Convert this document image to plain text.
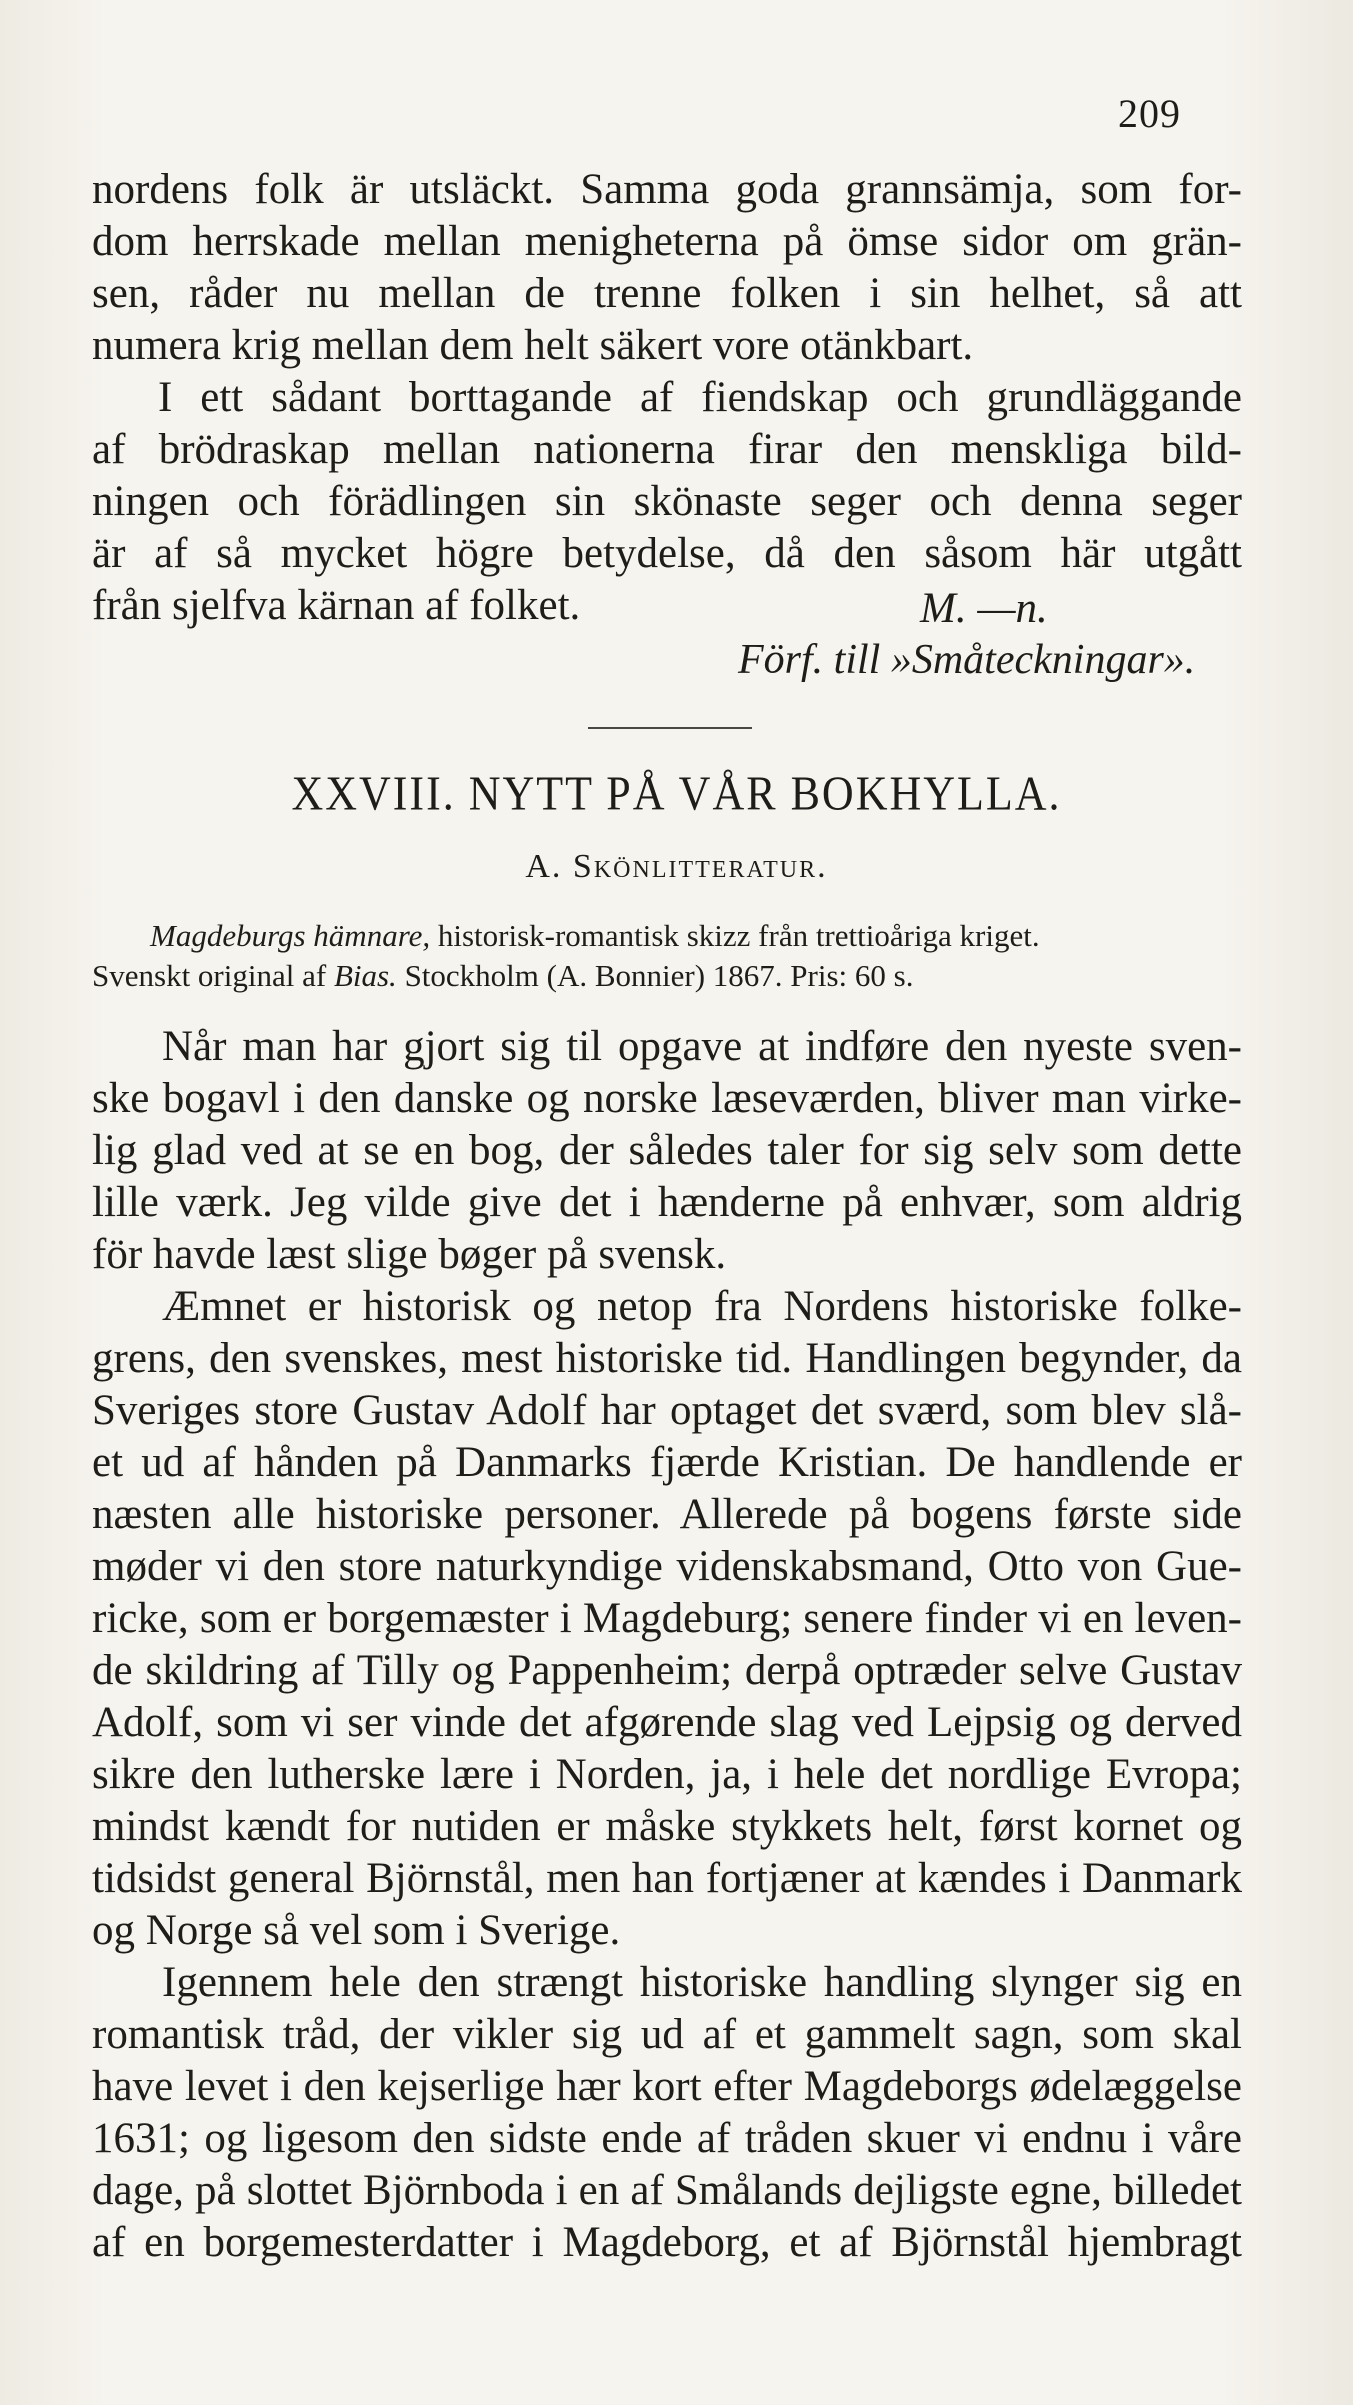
209
nordens folk är utsläckt. Samma goda grannsämja, som for-
dom herrskade mellan menigheterna på ömse sidor om grän-
sen, råder nu mellan de trenne folken i sin helhet, så att
numera krig mellan dem helt säkert vore otänkbart.
I ett sådant borttagande af fiendskap och grundläggande
af brödraskap mellan nationerna firar den menskliga bild-
ningen och förädlingen sin skönaste seger och denna seger
är af så mycket högre betydelse, då den såsom här utgått
från sjelfva kärnan af folket.	M. —n.
Förf. till »Småteckningar».
XXVIII. NYTT PÅ VÅR BOKHYLLA.
A. Skönlitteratur.
Magdeburgs hämnare, historisk-romantisk skizz från trettioåriga kriget.
Svenskt original af Bias. Stockholm (A. Bonnier) 1867. Pris: 60 s.
Når man har gjort sig til opgave at indføre den nyeste sven-
ske bogavl i den danske og norske læseværden, bliver man virke-
lig glad ved at se en bog, der således taler for sig selv som dette
lille værk. Jeg vilde give det i hænderne på enhvær, som aldrig
för havde læst slige bøger på svensk.
Æmnet er historisk og netop fra Nordens historiske folke-
grens, den svenskes, mest historiske tid. Handlingen begynder, da
Sveriges store Gustav Adolf har optaget det sværd, som blev slå-
et ud af hånden på Danmarks fjærde Kristian. De handlende er
næsten alle historiske personer. Allerede på bogens første side
møder vi den store naturkyndige videnskabsmand, Otto von Gue-
ricke, som er borgemæster i Magdeburg; senere finder vi en leven-
de skildring af Tilly og Pappenheim; derpå optræder selve Gustav
Adolf, som vi ser vinde det afgørende slag ved Lejpsig og derved
sikre den lutherske lære i Norden, ja, i hele det nordlige Evropa;
mindst kændt for nutiden er måske stykkets helt, først kornet og
tidsidst general Björnstål, men han fortjæner at kændes i Danmark
og Norge så vel som i Sverige.
Igennem hele den strængt historiske handling slynger sig en
romantisk tråd, der vikler sig ud af et gammelt sagn, som skal
have levet i den kejserlige hær kort efter Magdeborgs ødelæggelse
1631; og ligesom den sidste ende af tråden skuer vi endnu i våre
dage, på slottet Björnboda i en af Smålands dejligste egne, billedet
af en borgemesterdatter i Magdeborg, et af Björnstål hjembragt
